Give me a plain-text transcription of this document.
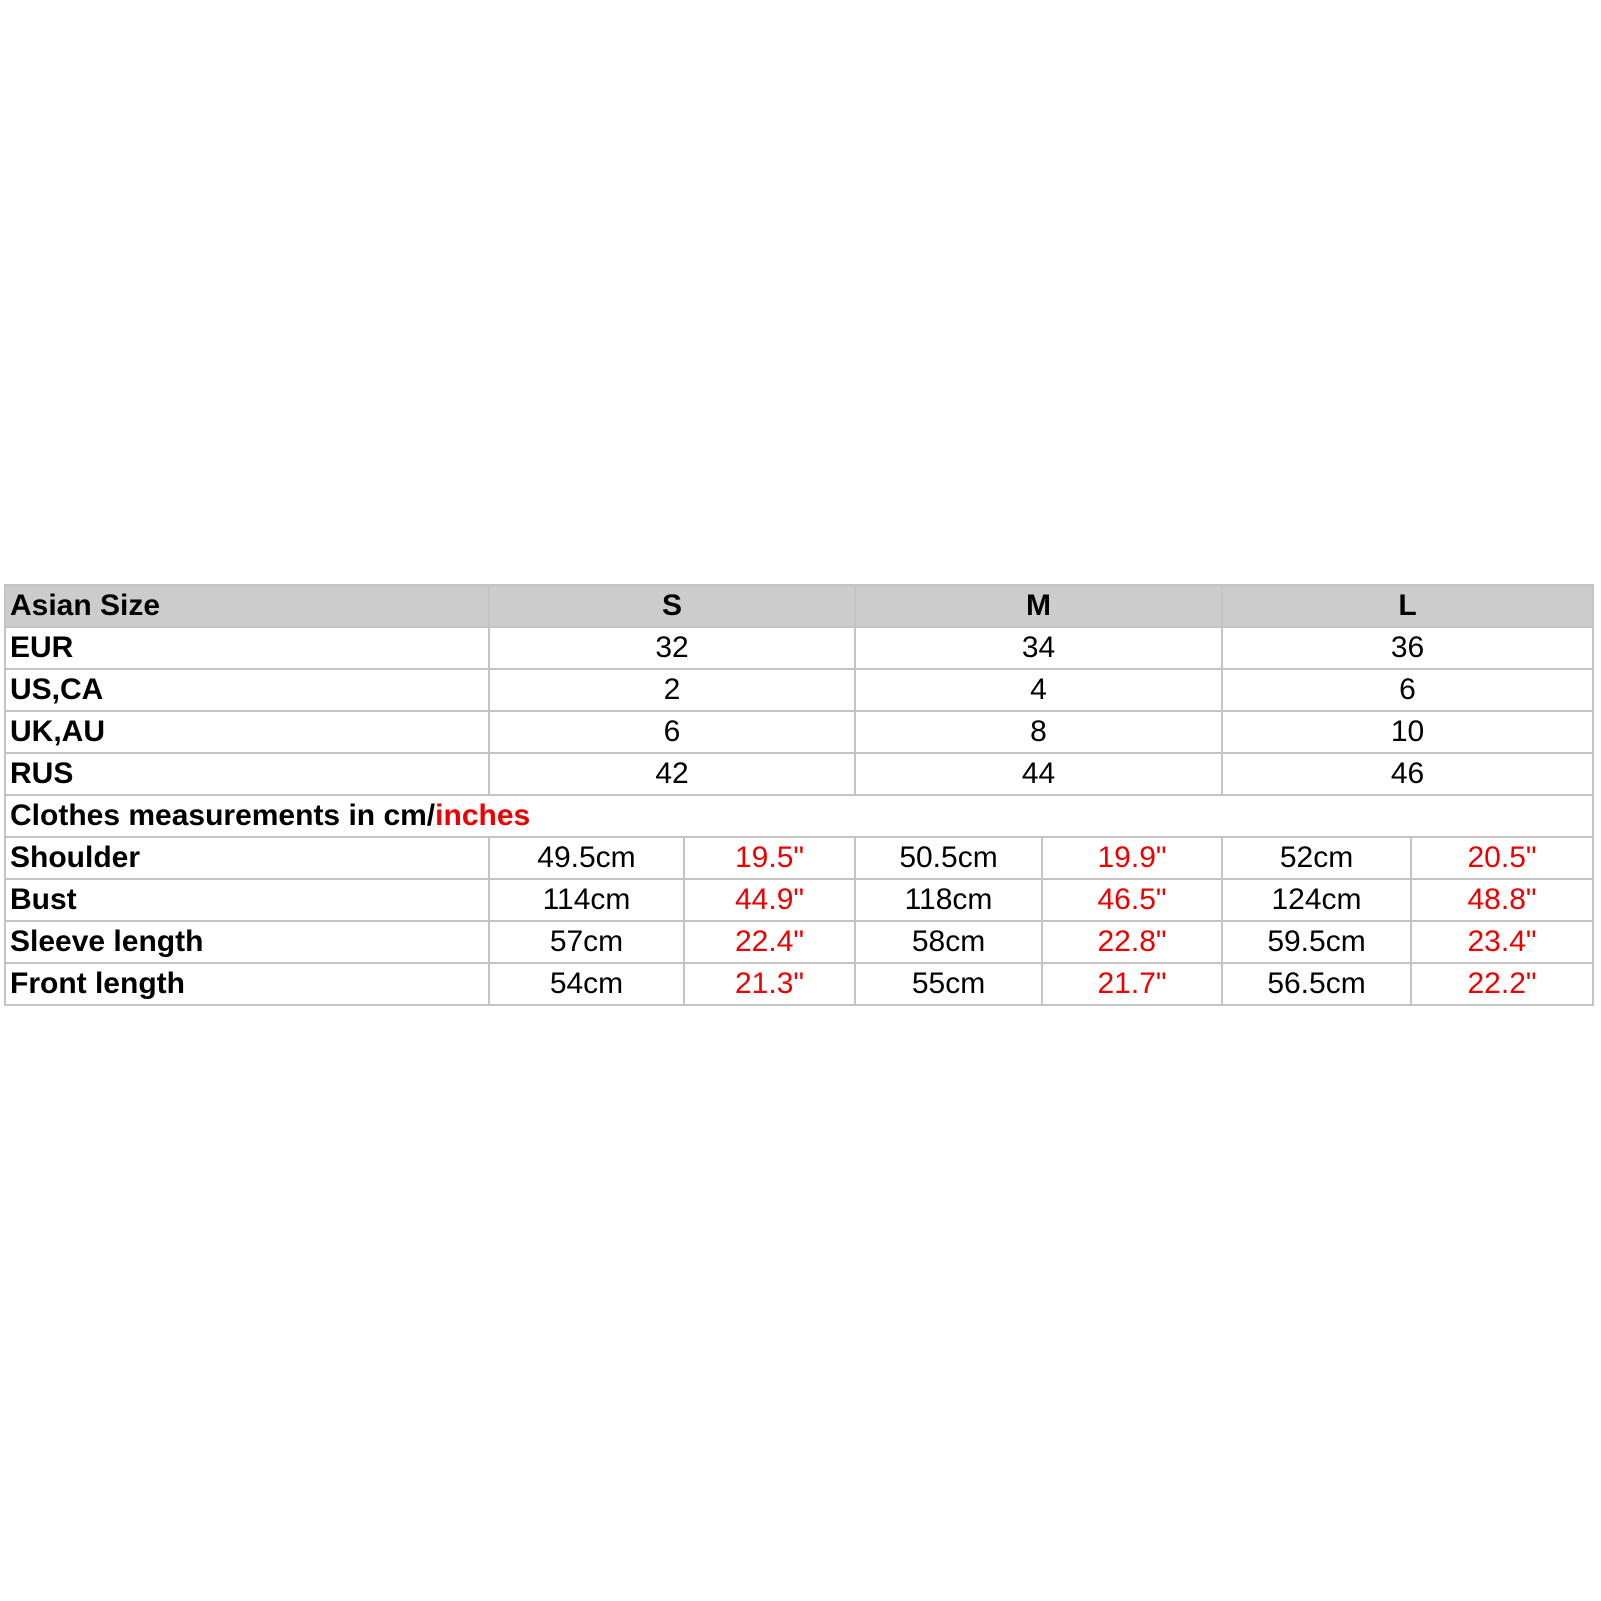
Asian Size	S		M		L	
EUR	32		34		36	
US,CA	2		4		6	
UK,AU	6		8		10	
RUS	42		44		46	
Clothes measurements in cm/inches						
Shoulder	49.5cm	19.5"	50.5cm	19.9"	52cm	20.5"
Bust	114cm	44.9"	118cm	46.5"	124cm	48.8"
Sleeve length	57cm	22.4"	58cm	22.8"	59.5cm	23.4"
Front length	54cm	21.3"	55cm	21.7"	56.5cm	22.2"
